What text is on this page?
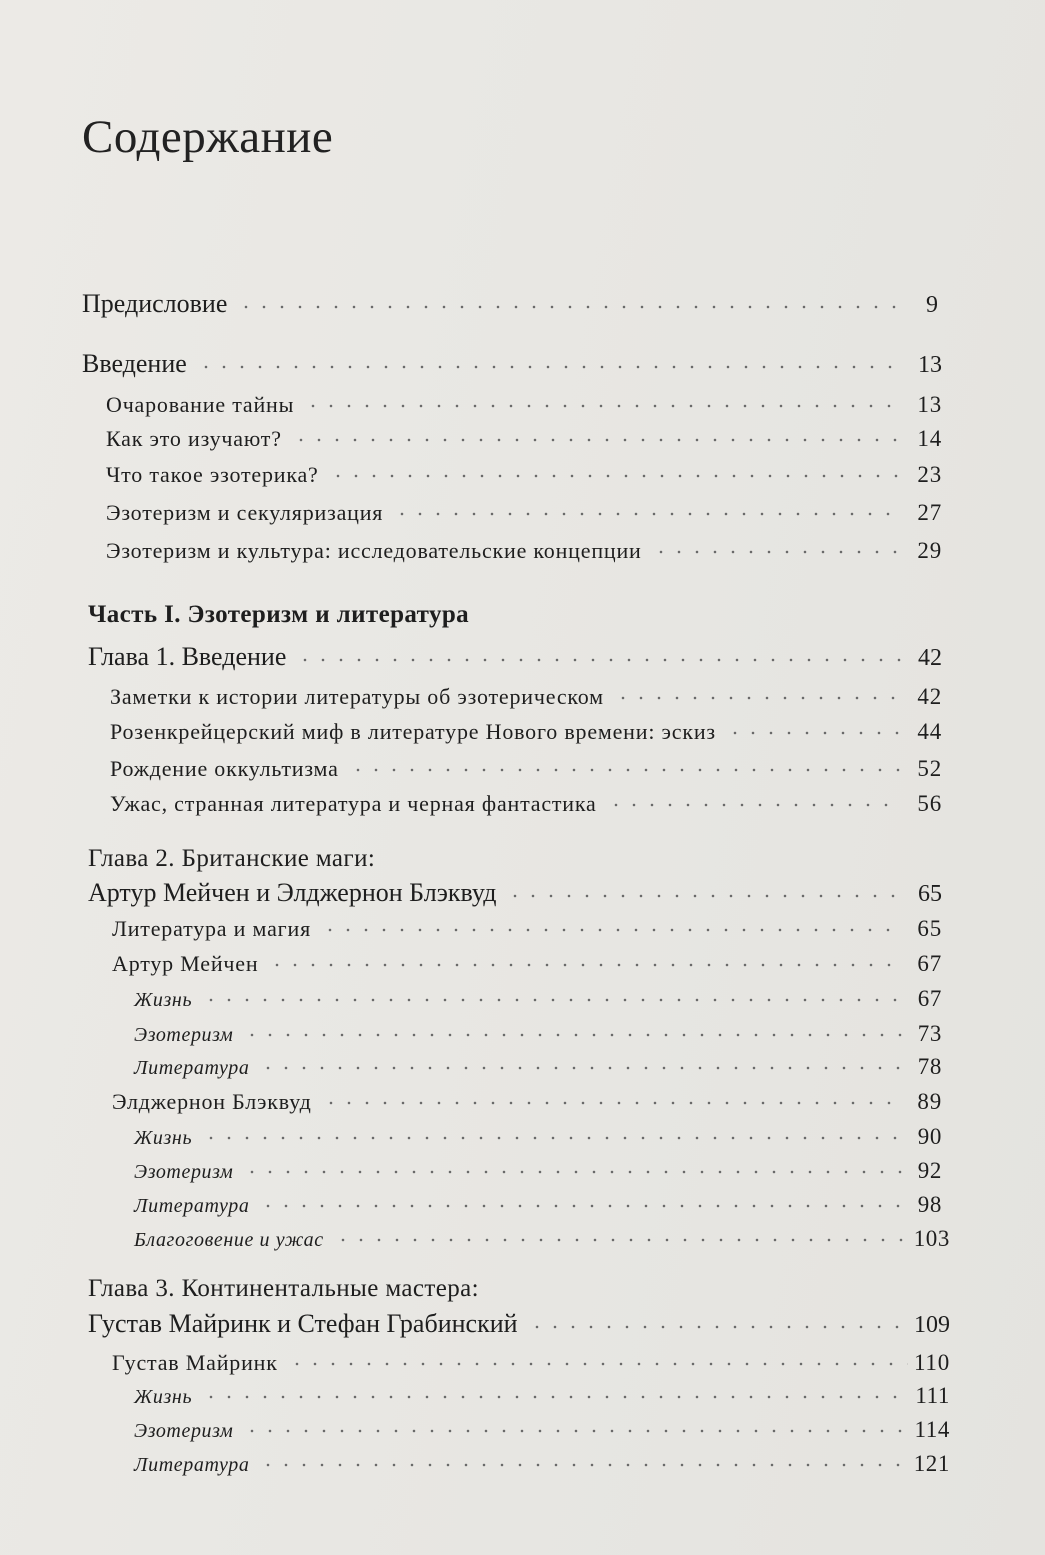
Содержание
Предисловие	9
Введение	13
Очарование тайны	13
Как это изучают?	14
Что такое эзотерика?	23
Эзотеризм и секуляризация	27
Эзотеризм и культура: исследовательские концепции	29
Часть I. Эзотеризм и литература
Глава 1. Введение	42
Заметки к истории литературы об эзотерическом	42
Розенкрейцерский миф в литературе Нового времени: эскиз	44
Рождение оккультизма	52
Ужас, странная литература и черная фантастика	56
Глава 2. Британские маги:
Артур Мейчен и Элджернон Блэквуд	65
Литература и магия	65
Артур Мейчен	67
Жизнь	67
Эзотеризм	73
Литература	78
Элджернон Блэквуд	89
Жизнь	90
Эзотеризм	92
Литература	98
Благоговение и ужас	103
Глава 3. Континентальные мастера:
Густав Майринк и Стефан Грабинский	109
Густав Майринк	110
Жизнь	111
Эзотеризм	114
Литература	121
